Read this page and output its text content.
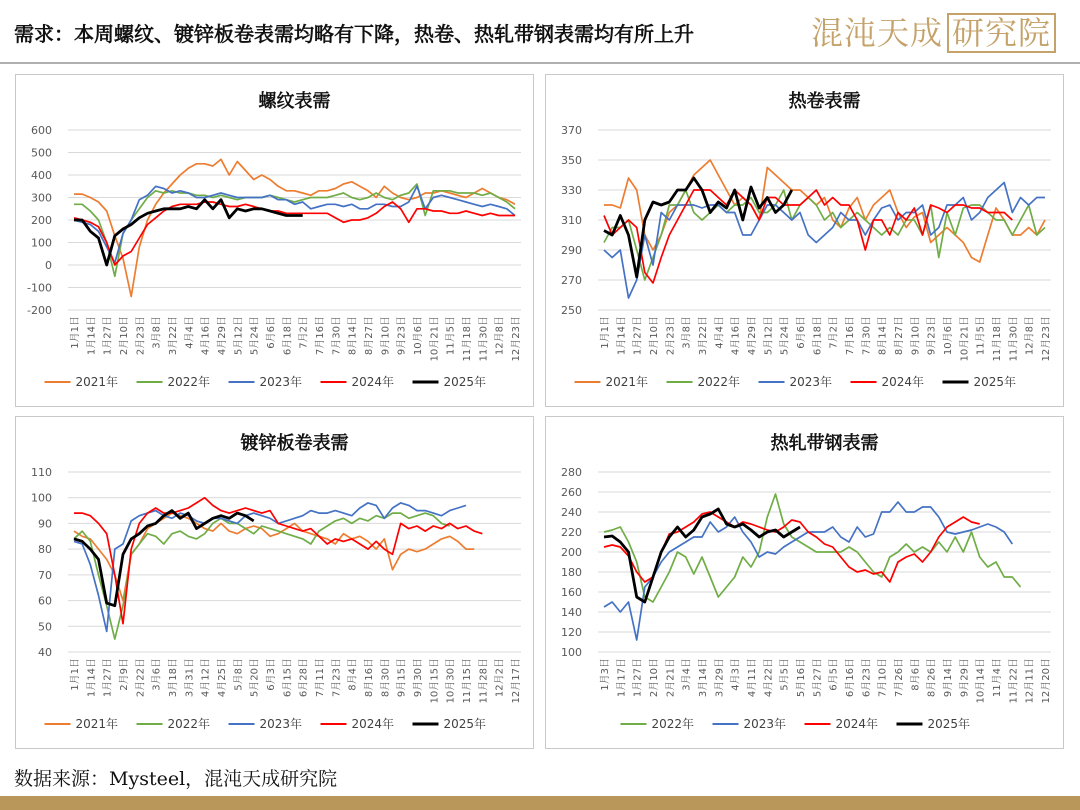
需求：本周螺纹、镀锌板卷表需均略有下降，热卷、热轧带钢表需均有所上升	混沌天成 研究院
螺纹表需
-200
-100
0
100
200
300
400
500
600
1月1日 1月14日 1月27日 2月10日 2月23日 3月8日 3月22日 4月4日 4月16日 4月29日 5月12日 5月24日 6月6日 6月18日 7月2日 7月16日 7月30日 8月14日 8月27日 9月10日 9月23日 10月6日 10月21日 11月5日 11月18日 11月30日 12月8日 12月23日
2021年	2022年	2023年	2024年	2025年
热卷表需
250
270
290
310
330
350
370
1月1日 1月14日 1月27日 2月10日 2月23日 3月8日 3月22日 4月4日 4月16日 4月29日 5月12日 5月24日 6月6日 6月18日 7月2日 7月16日 7月30日 8月14日 8月27日 9月10日 9月23日 10月6日 10月21日 11月5日 11月18日 11月30日 12月8日 12月23日
2021年	2022年	2023年	2024年	2025年
镀锌板卷表需
40
50
60
70
80
90
100
110
1月1日 1月14日 1月27日 2月9日 2月22日 3月6日 3月18日 3月31日 4月12日 4月25日 5月8日 5月20日 6月3日 6月15日 6月28日 7月11日 7月23日 8月4日 8月16日 8月30日 9月15日 9月30日 10月15日 10月30日 11月15日 11月28日 12月2日 12月17日
2021年	2022年	2023年	2024年	2025年
热轧带钢表需
100
120
140
160
180
200
220
240
260
280
1月3日 1月17日 1月27日 2月10日 2月21日 3月4日 3月14日 3月29日 4月3日 4月11日 4月22日 5月5日 5月16日 5月27日 6月5日 6月16日 6月23日 7月10日 7月26日 8月6日 8月26日 9月14日 9月29日 10月14日 11月4日 11月22日 12月11日 12月20日
2022年	2023年	2024年	2025年
数据来源：Mysteel，混沌天成研究院
